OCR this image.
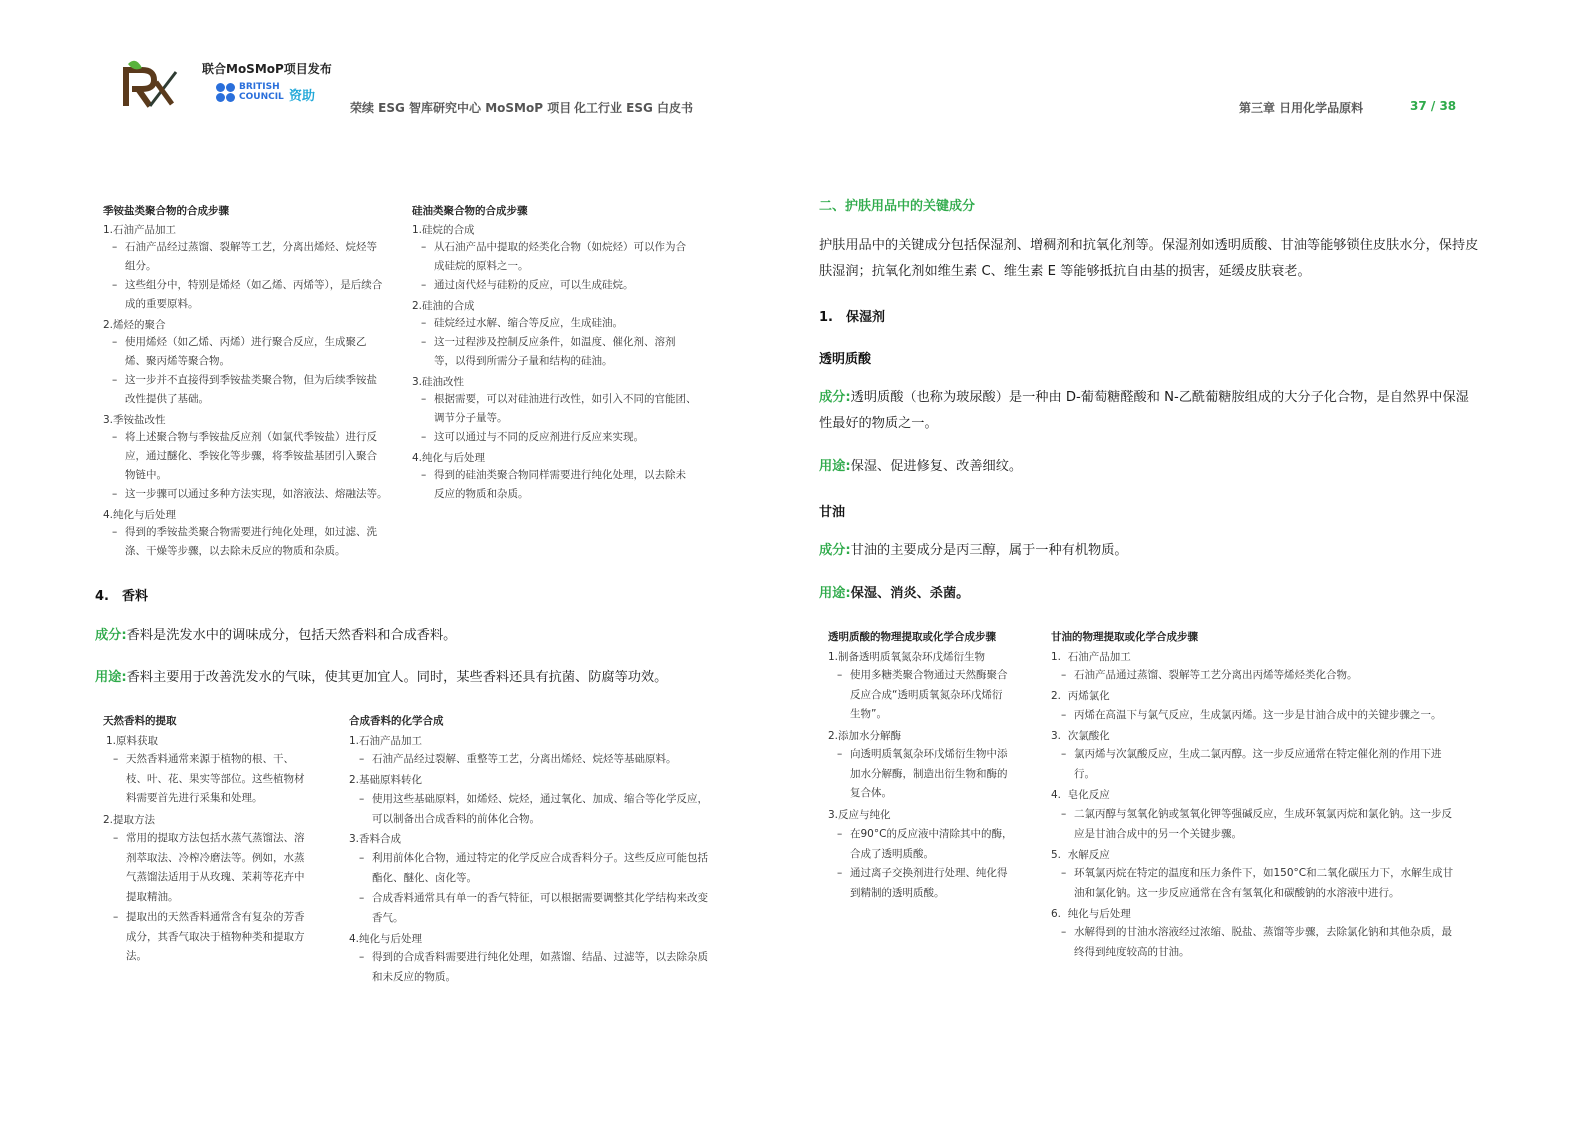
联合MoSMoP项目发布
BRITISH
COUNCIL 资助
荣续 ESG 智库研究中心 MoSMoP 项目 化工行业 ESG 白皮书	第三章 日用化学品原料	37 / 38
季铵盐类聚合物的合成步骤
1.石油产品加工
– 石油产品经过蒸馏、裂解等工艺，分离出烯烃、烷烃等组分。
– 这些组分中，特别是烯烃（如乙烯、丙烯等），是后续合成的重要原料。
2.烯烃的聚合
– 使用烯烃（如乙烯、丙烯）进行聚合反应，生成聚乙烯、聚丙烯等聚合物。
– 这一步并不直接得到季铵盐类聚合物，但为后续季铵盐改性提供了基础。
3.季铵盐改性
– 将上述聚合物与季铵盐反应剂（如氯代季铵盐）进行反应，通过醚化、季铵化等步骤，将季铵盐基团引入聚合物链中。
– 这一步骤可以通过多种方法实现，如溶液法、熔融法等。
4.纯化与后处理
– 得到的季铵盐类聚合物需要进行纯化处理，如过滤、洗涤、干燥等步骤，以去除未反应的物质和杂质。
硅油类聚合物的合成步骤
1.硅烷的合成
– 从石油产品中提取的烃类化合物（如烷烃）可以作为合成硅烷的原料之一。
– 通过卤代烃与硅粉的反应，可以生成硅烷。
2.硅油的合成
– 硅烷经过水解、缩合等反应，生成硅油。
– 这一过程涉及控制反应条件，如温度、催化剂、溶剂等，以得到所需分子量和结构的硅油。
3.硅油改性
– 根据需要，可以对硅油进行改性，如引入不同的官能团、调节分子量等。
– 这可以通过与不同的反应剂进行反应来实现。
4.纯化与后处理
– 得到的硅油类聚合物同样需要进行纯化处理，以去除未反应的物质和杂质。
4.　香料
成分:香料是洗发水中的调味成分，包括天然香料和合成香料。
用途:香料主要用于改善洗发水的气味，使其更加宜人。同时，某些香料还具有抗菌、防腐等功效。
天然香料的提取
1.原料获取
– 天然香料通常来源于植物的根、干、枝、叶、花、果实等部位。这些植物材料需要首先进行采集和处理。
2.提取方法
– 常用的提取方法包括水蒸气蒸馏法、溶剂萃取法、冷榨冷磨法等。例如，水蒸气蒸馏法适用于从玫瑰、茉莉等花卉中提取精油。
– 提取出的天然香料通常含有复杂的芳香成分，其香气取决于植物种类和提取方法。
合成香料的化学合成
1.石油产品加工
– 石油产品经过裂解、重整等工艺，分离出烯烃、烷烃等基础原料。
2.基础原料转化
– 使用这些基础原料，如烯烃、烷烃，通过氧化、加成、缩合等化学反应，可以制备出合成香料的前体化合物。
3.香料合成
– 利用前体化合物，通过特定的化学反应合成香料分子。这些反应可能包括酯化、醚化、卤化等。
– 合成香料通常具有单一的香气特征，可以根据需要调整其化学结构来改变香气。
4.纯化与后处理
– 得到的合成香料需要进行纯化处理，如蒸馏、结晶、过滤等，以去除杂质和未反应的物质。
二、护肤用品中的关键成分
护肤用品中的关键成分包括保湿剂、增稠剂和抗氧化剂等。保湿剂如透明质酸、甘油等能够锁住皮肤水分，保持皮肤湿润；抗氧化剂如维生素 C、维生素 E 等能够抵抗自由基的损害，延缓皮肤衰老。
1.　保湿剂
透明质酸
成分:透明质酸（也称为玻尿酸）是一种由 D-葡萄糖醛酸和 N-乙酰葡糖胺组成的大分子化合物，是自然界中保湿性最好的物质之一。
用途:保湿、促进修复、改善细纹。
甘油
成分:甘油的主要成分是丙三醇，属于一种有机物质。
用途:保湿、消炎、杀菌。
透明质酸的物理提取或化学合成步骤
1.制备透明质氧氮杂环戊烯衍生物
– 使用多糖类聚合物通过天然酶聚合反应合成“透明质氧氮杂环戊烯衍生物”。
2.添加水分解酶
– 向透明质氧氮杂环戊烯衍生物中添加水分解酶，制造出衍生物和酶的复合体。
3.反应与纯化
– 在90°C的反应液中清除其中的酶，合成了透明质酸。
– 通过离子交换剂进行处理、纯化得到精制的透明质酸。
甘油的物理提取或化学合成步骤
1.  石油产品加工
– 石油产品通过蒸馏、裂解等工艺分离出丙烯等烯烃类化合物。
2.  丙烯氯化
– 丙烯在高温下与氯气反应，生成氯丙烯。这一步是甘油合成中的关键步骤之一。
3.  次氯酸化
– 氯丙烯与次氯酸反应，生成二氯丙醇。这一步反应通常在特定催化剂的作用下进行。
4.  皂化反应
– 二氯丙醇与氢氧化钠或氢氧化钾等强碱反应，生成环氧氯丙烷和氯化钠。这一步反应是甘油合成中的另一个关键步骤。
5.  水解反应
– 环氧氯丙烷在特定的温度和压力条件下，如150°C和二氧化碳压力下，水解生成甘油和氯化钠。这一步反应通常在含有氢氧化和碳酸钠的水溶液中进行。
6.  纯化与后处理
– 水解得到的甘油水溶液经过浓缩、脱盐、蒸馏等步骤，去除氯化钠和其他杂质，最终得到纯度较高的甘油。
